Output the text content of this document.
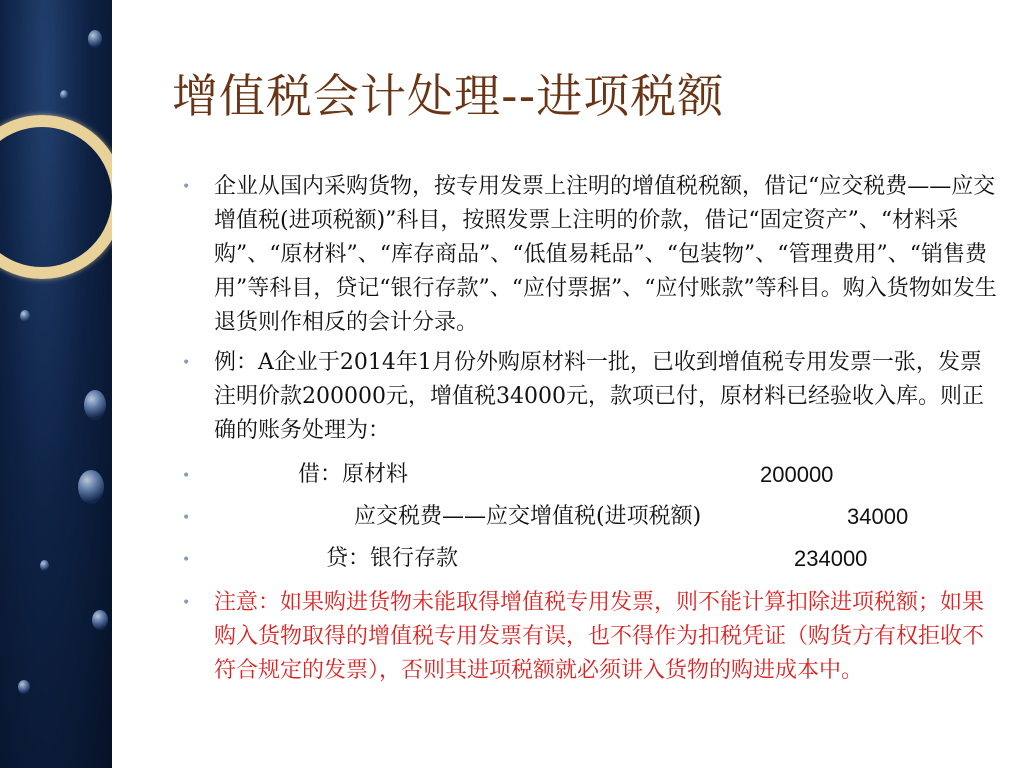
增值税会计处理--进项税额
• 企业从国内采购货物，按专用发票上注明的增值税税额，借记“应交税费——应交增值税(进项税额)”科目，按照发票上注明的价款，借记“固定资产”、“材料采购”、“原材料”、“库存商品”、“低值易耗品”、“包装物”、“管理费用”、“销售费用”等科目，贷记“银行存款”、“应付票据”、“应付账款”等科目。购入货物如发生退货则作相反的会计分录。
• 例：A企业于2014年1月份外购原材料一批，已收到增值税专用发票一张，发票注明价款200000元，增值税34000元，款项已付，原材料已经验收入库。则正确的账务处理为：
•	借：原材料	200000
•	应交税费——应交增值税(进项税额)	34000
•	贷：银行存款	234000
• 注意：如果购进货物未能取得增值税专用发票，则不能计算扣除进项税额；如果购入货物取得的增值税专用发票有误，也不得作为扣税凭证（购货方有权拒收不符合规定的发票），否则其进项税额就必须讲入货物的购进成本中。
